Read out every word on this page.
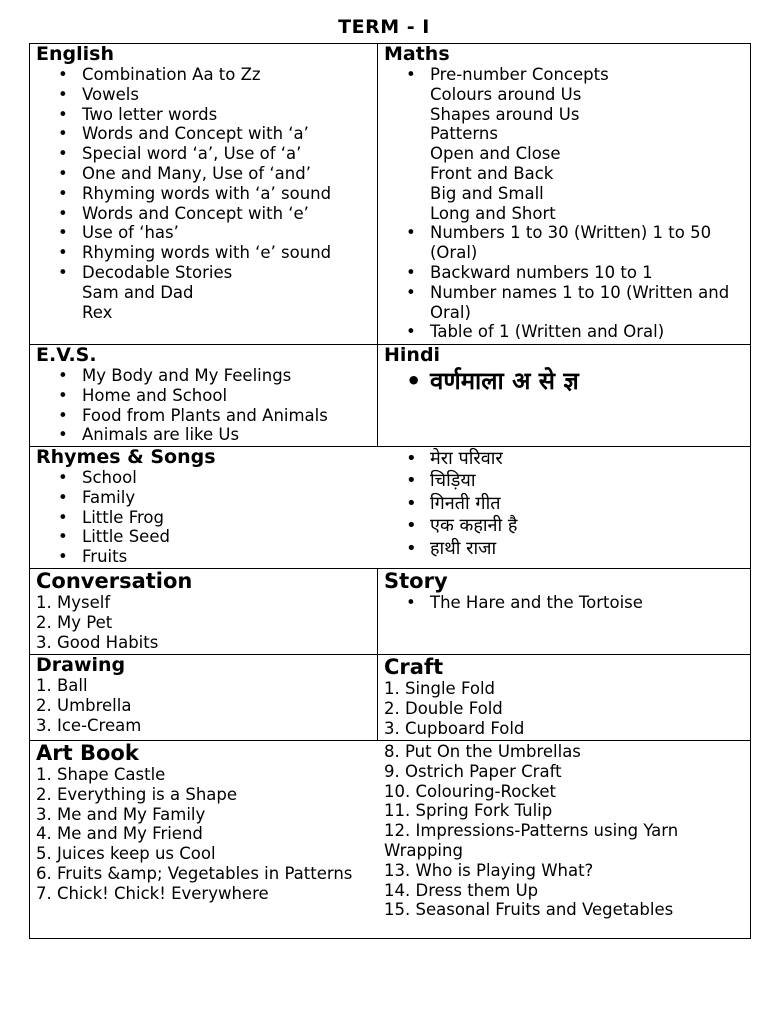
TERM - I
English
• Combination Aa to Zz
• Vowels
• Two letter words
• Words and Concept with ‘a’
• Special word ‘a’, Use of ‘a’
• One and Many, Use of ‘and’
• Rhyming words with ‘a’ sound
• Words and Concept with ‘e’
• Use of ‘has’
• Rhyming words with ‘e’ sound
• Decodable Stories
Sam and Dad
Rex
Maths
• Pre-number Concepts
Colours around Us
Shapes around Us
Patterns
Open and Close
Front and Back
Big and Small
Long and Short
• Numbers 1 to 30 (Written) 1 to 50 (Oral)
• Backward numbers 10 to 1
• Number names 1 to 10 (Written and Oral)
• Table of 1 (Written and Oral)
E.V.S.
• My Body and My Feelings
• Home and School
• Food from Plants and Animals
• Animals are like Us
Hindi
• वर्णमाला अ से ज्ञ
Rhymes & Songs
• School
• Family
• Little Frog
• Little Seed
• Fruits
• मेरा परिवार
• चिड़िया
• गिनती गीत
• एक कहानी है
• हाथी राजा
Conversation
1. Myself
2. My Pet
3. Good Habits
Story
• The Hare and the Tortoise
Drawing
1. Ball
2. Umbrella
3. Ice-Cream
Craft
1. Single Fold
2. Double Fold
3. Cupboard Fold
Art Book
1. Shape Castle
2. Everything is a Shape
3. Me and My Family
4. Me and My Friend
5. Juices keep us Cool
6. Fruits &amp; Vegetables in Patterns
7. Chick! Chick! Everywhere
8. Put On the Umbrellas
9. Ostrich Paper Craft
10. Colouring-Rocket
11. Spring Fork Tulip
12. Impressions-Patterns using Yarn Wrapping
13. Who is Playing What?
14. Dress them Up
15. Seasonal Fruits and Vegetables
